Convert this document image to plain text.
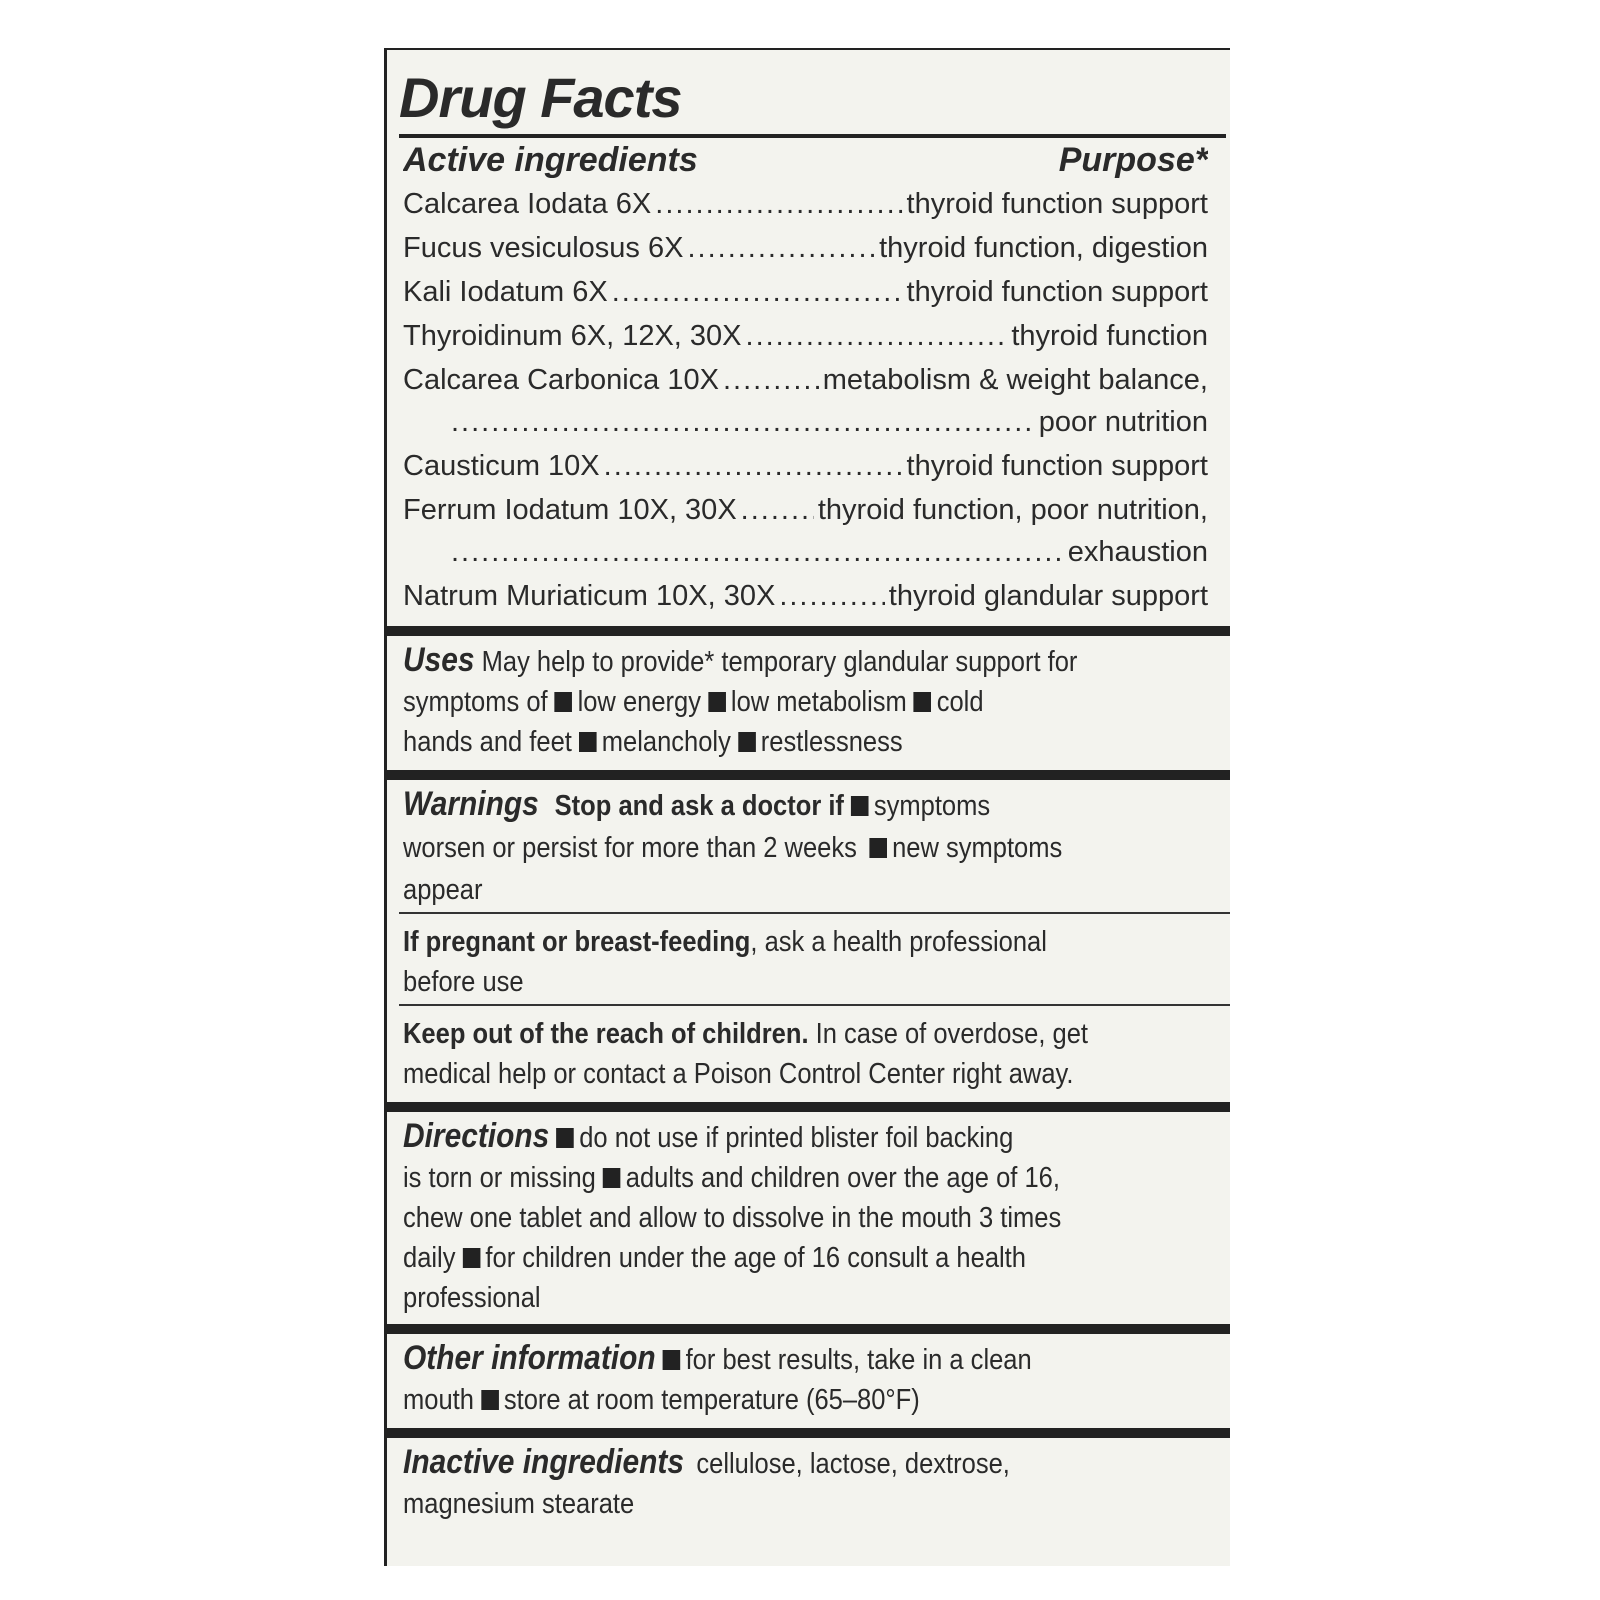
Drug Facts
Active ingredients	Purpose*
Calcarea Iodata 6X .....	thyroid function support
Fucus vesiculosus 6X .....	thyroid function, digestion
Kali Iodatum 6X .....	thyroid function support
Thyroidinum 6X, 12X, 30X .....	thyroid function
Calcarea Carbonica 10X .....	metabolism & weight balance,
.....
poor nutrition
Causticum 10X .....	thyroid function support
Ferrum Iodatum 10X, 30X .....	thyroid function, poor nutrition,
.....
exhaustion
Natrum Muriaticum 10X, 30X .....	thyroid glandular support
Uses May help to provide* temporary glandular support for
symptoms of low energy low metabolism cold
hands and feet melancholy restlessness
Warnings Stop and ask a doctor if symptoms
worsen or persist for more than 2 weeks new symptoms
appear
If pregnant or breast-feeding, ask a health professional
before use
Keep out of the reach of children. In case of overdose, get
medical help or contact a Poison Control Center right away.
Directions do not use if printed blister foil backing
is torn or missing adults and children over the age of 16,
chew one tablet and allow to dissolve in the mouth 3 times
daily for children under the age of 16 consult a health
professional
Other information for best results, take in a clean
mouth store at room temperature (65–80°F)
Inactive ingredients cellulose, lactose, dextrose,
magnesium stearate
